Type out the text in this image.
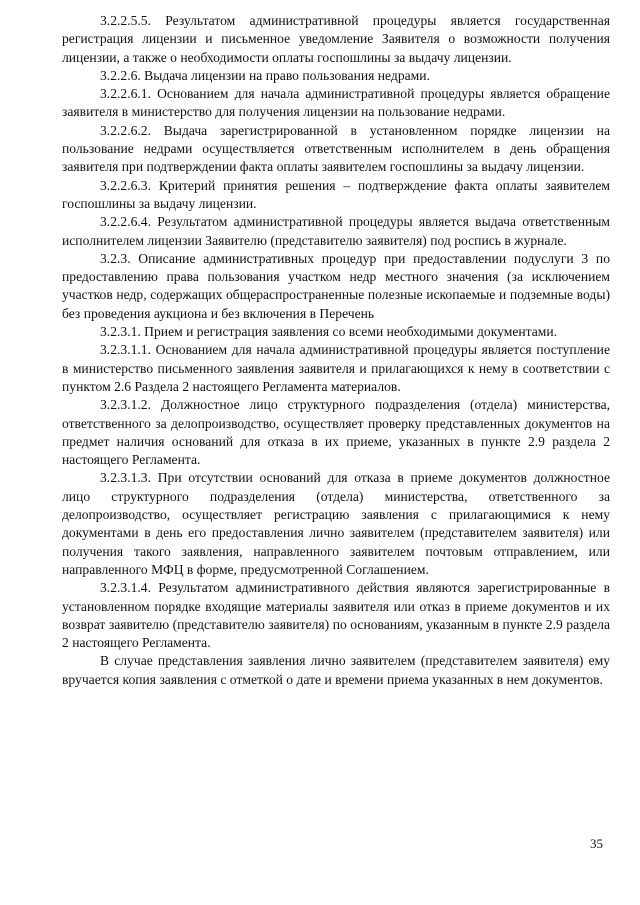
3.2.2.5.5. Результатом административной процедуры является государственная регистрация лицензии и письменное уведомление Заявителя о возможности получения лицензии, а также о необходимости оплаты госпошлины за выдачу лицензии.

3.2.2.6. Выдача лицензии на право пользования недрами.

3.2.2.6.1. Основанием для начала административной процедуры является обращение заявителя в министерство для получения лицензии на пользование недрами.

3.2.2.6.2. Выдача зарегистрированной в установленном порядке лицензии на пользование недрами осуществляется ответственным исполнителем в день обращения заявителя при подтверждении факта оплаты заявителем госпошлины за выдачу лицензии.

3.2.2.6.3. Критерий принятия решения – подтверждение факта оплаты заявителем госпошлины за выдачу лицензии.

3.2.2.6.4. Результатом административной процедуры является выдача ответственным исполнителем лицензии Заявителю (представителю заявителя) под роспись в журнале.

3.2.3. Описание административных процедур при предоставлении подуслуги 3 по предоставлению права пользования участком недр местного значения (за исключением участков недр, содержащих общераспространенные полезные ископаемые и подземные воды) без проведения аукциона и без включения в Перечень

3.2.3.1. Прием и регистрация заявления со всеми необходимыми документами.

3.2.3.1.1. Основанием для начала административной процедуры является поступление в министерство письменного заявления заявителя и прилагающихся к нему в соответствии с пунктом 2.6 Раздела 2 настоящего Регламента материалов.

3.2.3.1.2. Должностное лицо структурного подразделения (отдела) министерства, ответственного за делопроизводство, осуществляет проверку представленных документов на предмет наличия оснований для отказа в их приеме, указанных в пункте 2.9 раздела 2 настоящего Регламента.

3.2.3.1.3. При отсутствии оснований для отказа в приеме документов должностное лицо структурного подразделения (отдела) министерства, ответственного за делопроизводство, осуществляет регистрацию заявления с прилагающимися к нему документами в день его предоставления лично заявителем (представителем заявителя) или получения такого заявления, направленного заявителем почтовым отправлением, или направленного МФЦ в форме, предусмотренной Соглашением.

3.2.3.1.4. Результатом административного действия являются зарегистрированные в установленном порядке входящие материалы заявителя или отказ в приеме документов и их возврат заявителю (представителю заявителя) по основаниям, указанным в пункте 2.9 раздела 2 настоящего Регламента.

В случае представления заявления лично заявителем (представителем заявителя) ему вручается копия заявления с отметкой о дате и времени приема указанных в нем документов.

35
